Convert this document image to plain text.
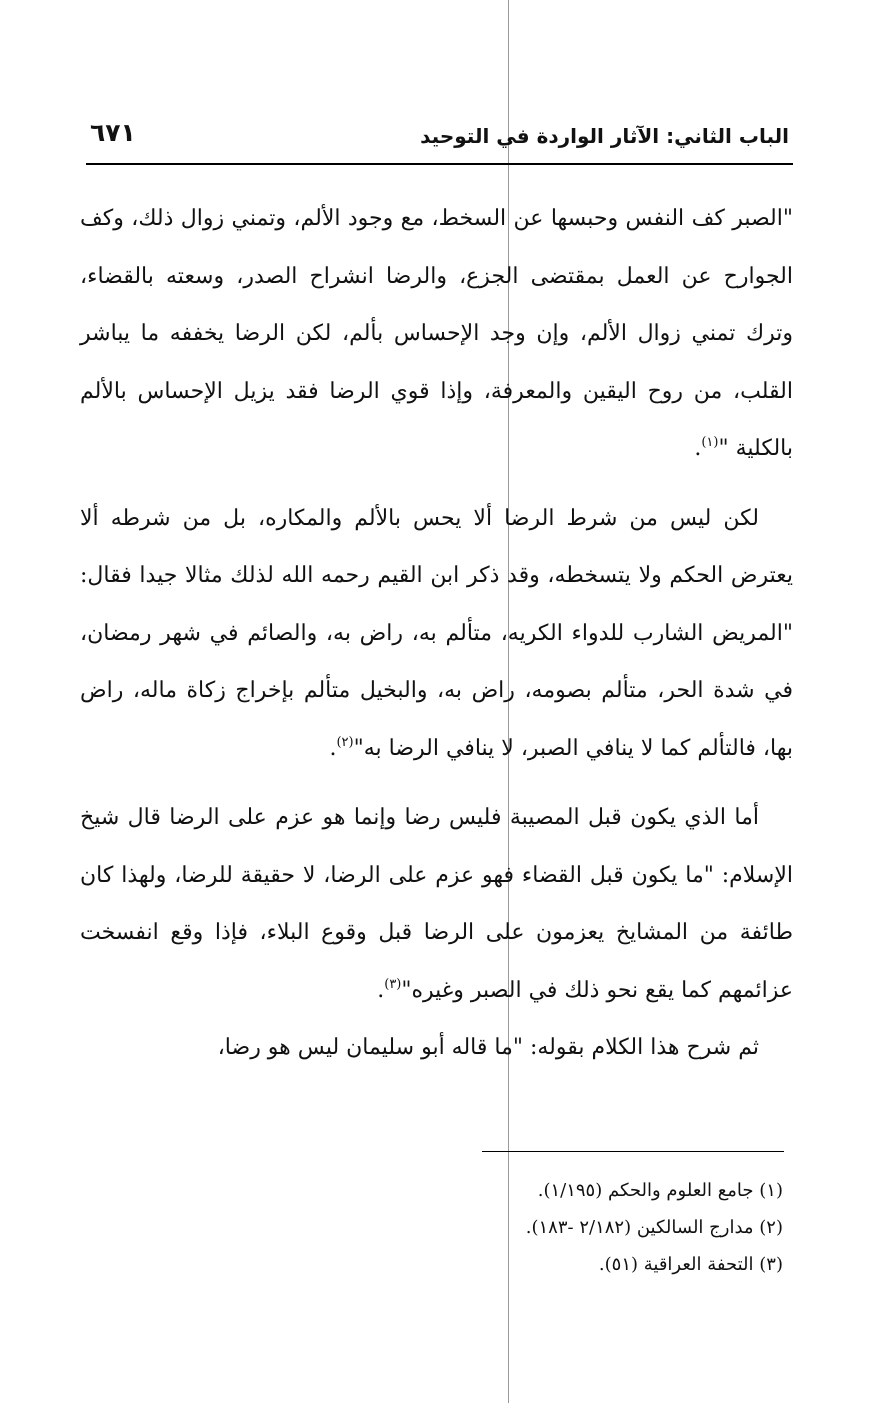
الباب الثاني: الآثار الواردة في التوحيد
٦٧١

"الصبر كف النفس وحبسها عن السخط، مع وجود الألم، وتمني زوال ذلك، وكف الجوارح عن العمل بمقتضى الجزع، والرضا انشراح الصدر، وسعته بالقضاء، وترك تمني زوال الألم، وإن وجد الإحساس بألم، لكن الرضا يخففه ما يباشر القلب، من روح اليقين والمعرفة، وإذا قوي الرضا فقد يزيل الإحساس بالألم بالكلية "$^{(١)}$.

لكن ليس من شرط الرضا ألا يحس بالألم والمكاره، بل من شرطه ألا يعترض الحكم ولا يتسخطه، وقد ذكر ابن القيم رحمه الله لذلك مثالا جيدا فقال: "المريض الشارب للدواء الكريه، متألم به، راض به، والصائم في شهر رمضان، في شدة الحر، متألم بصومه، راض به، والبخيل متألم بإخراج زكاة ماله، راض بها، فالتألم كما لا ينافي الصبر، لا ينافي الرضا به"$^{(٢)}$.

أما الذي يكون قبل المصيبة فليس رضا وإنما هو عزم على الرضا قال شيخ الإسلام: "ما يكون قبل القضاء فهو عزم على الرضا، لا حقيقة للرضا، ولهذا كان طائفة من المشايخ يعزمون على الرضا قبل وقوع البلاء، فإذا وقع انفسخت عزائمهم كما يقع نحو ذلك في الصبر وغيره"$^{(٣)}$.

ثم شرح هذا الكلام بقوله: "ما قاله أبو سليمان ليس هو رضا،

(١) جامع العلوم والحكم (١/١٩٥).
(٢) مدارج السالكين (٢/١٨٢ -١٨٣).
(٣) التحفة العراقية (٥١).
